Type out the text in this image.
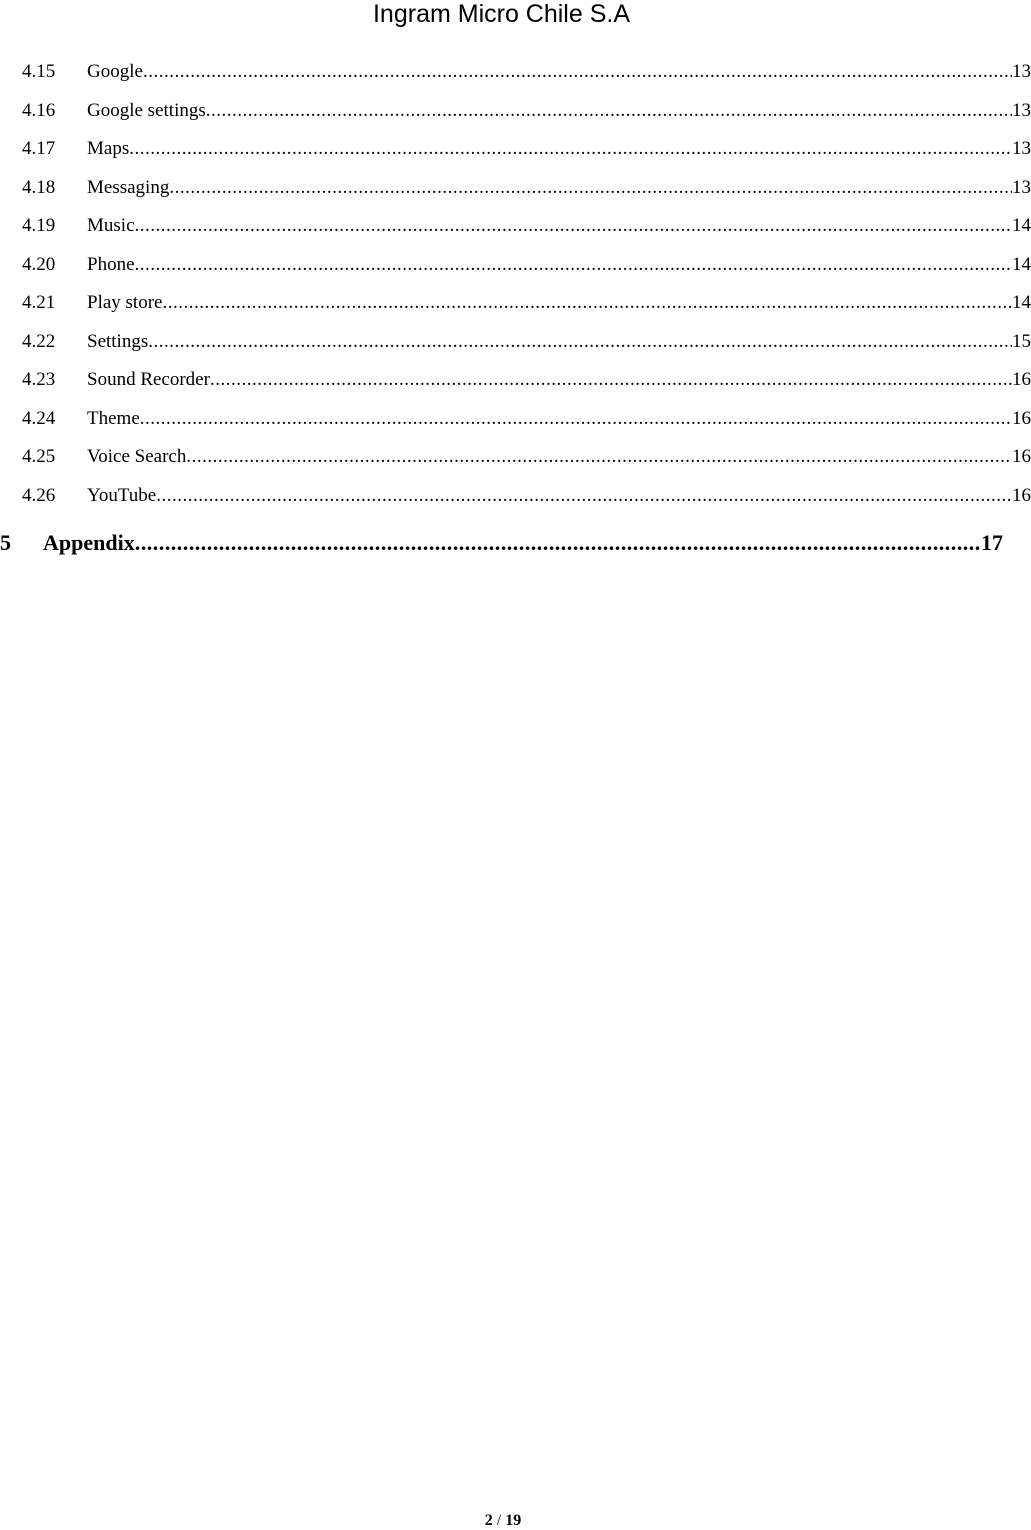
Ingram Micro Chile S.A
4.15	Google .....	13
4.16	Google settings .....	13
4.17	Maps .....	13
4.18	Messaging .....	13
4.19	Music .....	14
4.20	Phone .....	14
4.21	Play store .....	14
4.22	Settings .....	15
4.23	Sound Recorder .....	16
4.24	Theme .....	16
4.25	Voice Search .....	16
4.26	YouTube .....	16
5	Appendix .....	17
2 / 19
